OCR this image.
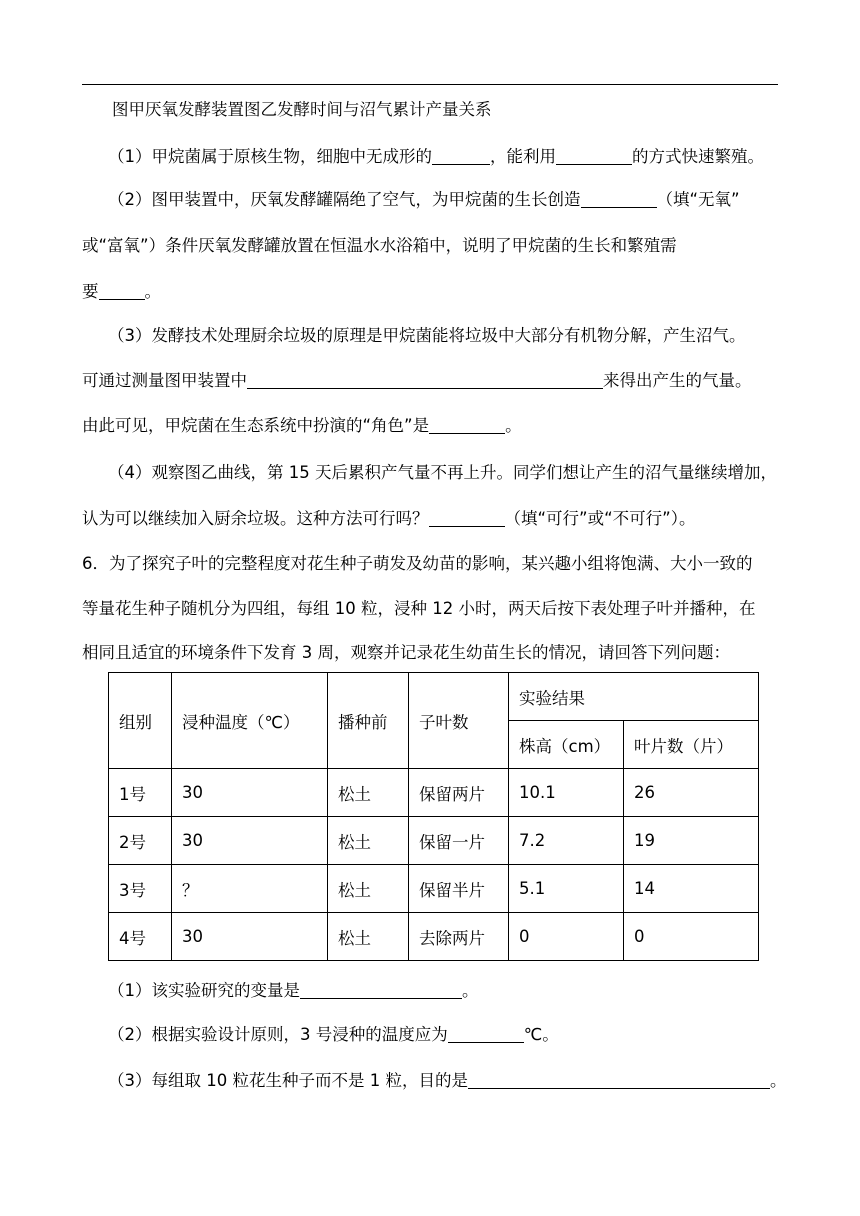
图甲厌氧发酵装置图乙发酵时间与沼气累计产量关系
（1）甲烷菌属于原核生物，细胞中无成形的	，能利用	的方式快速繁殖。
（2）图甲装置中，厌氧发酵罐隔绝了空气，为甲烷菌的生长创造	（填“无氧”
或“富氧”）条件厌氧发酵罐放置在恒温水水浴箱中，说明了甲烷菌的生长和繁殖需
要	。
（3）发酵技术处理厨余垃圾的原理是甲烷菌能将垃圾中大部分有机物分解，产生沼气。
可通过测量图甲装置中	来得出产生的气量。
由此可见，甲烷菌在生态系统中扮演的“角色”是	。
（4）观察图乙曲线，第 15 天后累积产气量不再上升。同学们想让产生的沼气量继续增加，
认为可以继续加入厨余垃圾。这种方法可行吗？	（填“可行”或“不可行”）。
6．为了探究子叶的完整程度对花生种子萌发及幼苗的影响，某兴趣小组将饱满、大小一致的
等量花生种子随机分为四组，每组 10 粒，浸种 12 小时，两天后按下表处理子叶并播种，在
相同且适宜的环境条件下发育 3 周，观察并记录花生幼苗生长的情况，请回答下列问题：
组别	浸种温度（℃）	播种前	子叶数	实验结果	
				株高（cm）	叶片数（片）
1号	30	松土	保留两片	10.1	26
2号	30	松土	保留一片	7.2	19
3号	？	松土	保留半片	5.1	14
4号	30	松土	去除两片	0	0
（1）该实验研究的变量是	。
（2）根据实验设计原则，3 号浸种的温度应为	℃。
（3）每组取 10 粒花生种子而不是 1 粒，目的是	。
